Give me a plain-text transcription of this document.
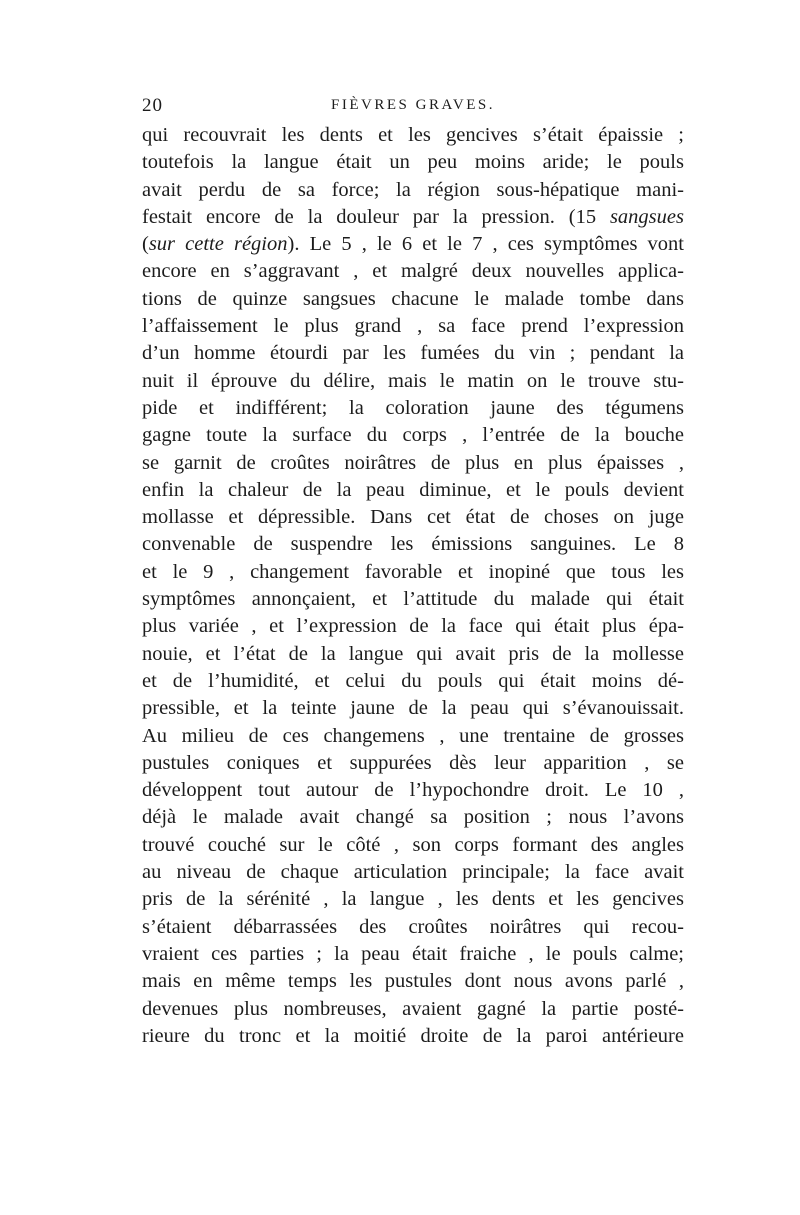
20	FIÈVRES GRAVES.
qui recouvrait les dents et les gencives s’était épaissie ;
toutefois la langue était un peu moins aride; le pouls
avait perdu de sa force; la région sous-hépatique mani-
festait encore de la douleur par la pression. (15 sangsues
(sur cette région). Le 5 , le 6 et le 7 , ces symptômes vont
encore en s’aggravant , et malgré deux nouvelles applica-
tions de quinze sangsues chacune le malade tombe dans
l’affaissement le plus grand , sa face prend l’expression
d’un homme étourdi par les fumées du vin ; pendant la
nuit il éprouve du délire, mais le matin on le trouve stu-
pide et indifférent; la coloration jaune des tégumens
gagne toute la surface du corps , l’entrée de la bouche
se garnit de croûtes noirâtres de plus en plus épaisses ,
enfin la chaleur de la peau diminue, et le pouls devient
mollasse et dépressible. Dans cet état de choses on juge
convenable de suspendre les émissions sanguines. Le 8
et le 9 , changement favorable et inopiné que tous les
symptômes annonçaient, et l’attitude du malade qui était
plus variée , et l’expression de la face qui était plus épa-
nouie, et l’état de la langue qui avait pris de la mollesse
et de l’humidité, et celui du pouls qui était moins dé-
pressible, et la teinte jaune de la peau qui s’évanouissait.
Au milieu de ces changemens , une trentaine de grosses
pustules coniques et suppurées dès leur apparition , se
développent tout autour de l’hypochondre droit. Le 10 ,
déjà le malade avait changé sa position ; nous l’avons
trouvé couché sur le côté , son corps formant des angles
au niveau de chaque articulation principale; la face avait
pris de la sérénité , la langue , les dents et les gencives
s’étaient débarrassées des croûtes noirâtres qui recou-
vraient ces parties ; la peau était fraiche , le pouls calme;
mais en même temps les pustules dont nous avons parlé ,
devenues plus nombreuses, avaient gagné la partie posté-
rieure du tronc et la moitié droite de la paroi antérieure
